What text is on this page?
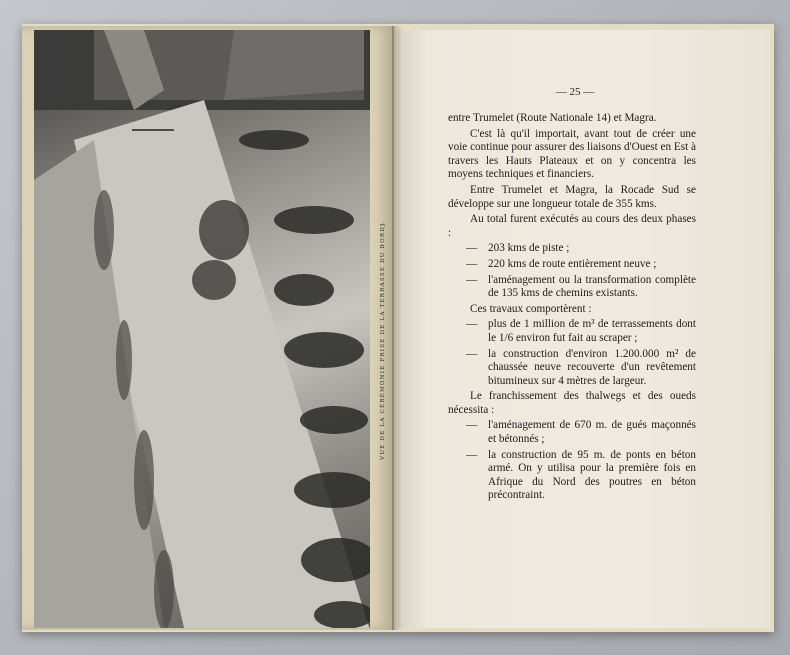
VUE DE LA CÉRÉMONIE PRISE DE LA TERRASSE DU BORDJ.
— 25 —

entre Trumelet (Route Nationale 14) et Magra.

C'est là qu'il importait, avant tout de créer une voie continue pour assurer des liaisons d'Ouest en Est à travers les Hauts Plateaux et on y concentra les moyens techniques et financiers.

Entre Trumelet et Magra, la Rocade Sud se développe sur une longueur totale de 355 kms.

Au total furent exécutés au cours des deux phases :

— 203 kms de piste ;
— 220 kms de route entièrement neuve ;
— l'aménagement ou la transformation complète de 135 kms de chemins existants.

Ces travaux comportèrent :

— plus de 1 million de m³ de terrassements dont le 1/6 environ fut fait au scraper ;
— la construction d'environ 1.200.000 m² de chaussée neuve recouverte d'un revêtement bitumineux sur 4 mètres de largeur.

Le franchissement des thalwegs et des oueds nécessita :

— l'aménagement de 670 m. de gués maçonnés et bétonnés ;
— la construction de 95 m. de ponts en béton armé. On y utilisa pour la première fois en Afrique du Nord des poutres en béton précontraint.
